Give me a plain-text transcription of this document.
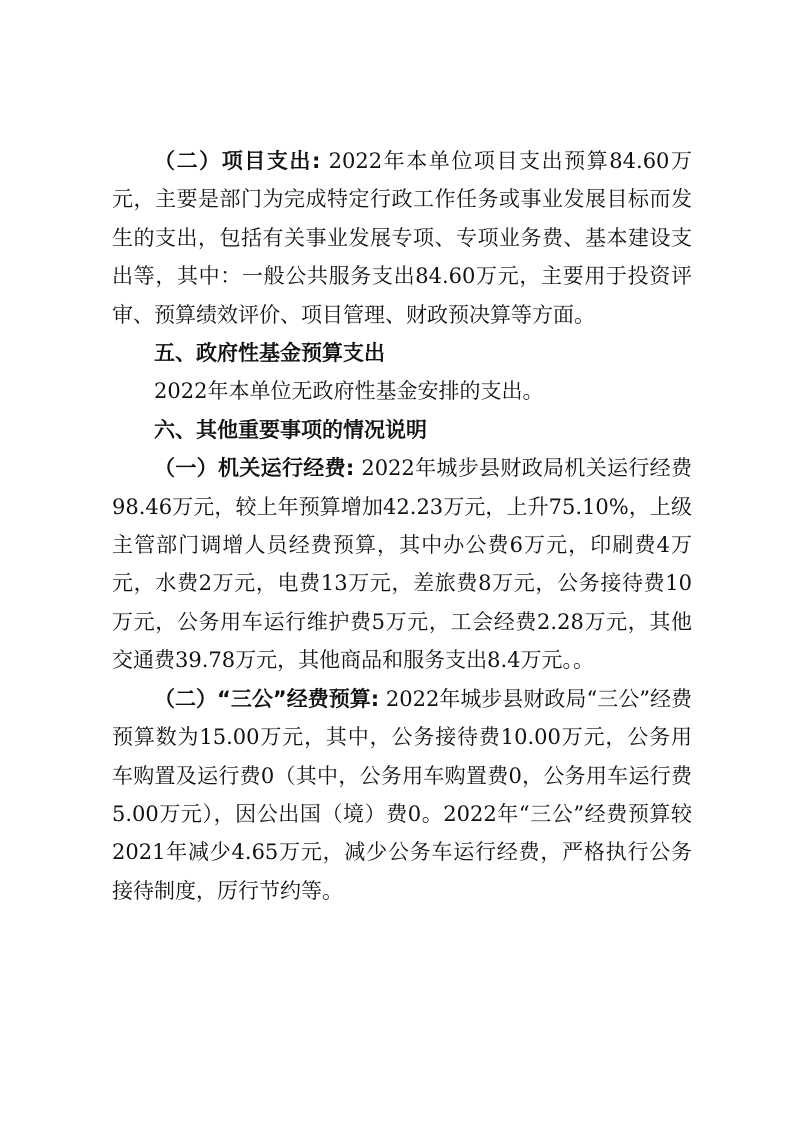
（二）项目支出: 2022年本单位项目支出预算84.60万元，主要是部门为完成特定行政工作任务或事业发展目标而发生的支出，包括有关事业发展专项、专项业务费、基本建设支出等，其中：一般公共服务支出84.60万元，主要用于投资评审、预算绩效评价、项目管理、财政预决算等方面。

五、政府性基金预算支出

2022年本单位无政府性基金安排的支出。

六、其他重要事项的情况说明

（一）机关运行经费: 2022年城步县财政局机关运行经费98.46万元，较上年预算增加42.23万元，上升75.10%，上级主管部门调增人员经费预算，其中办公费6万元，印刷费4万元，水费2万元，电费13万元，差旅费8万元，公务接待费10万元，公务用车运行维护费5万元，工会经费2.28万元，其他交通费39.78万元，其他商品和服务支出8.4万元。。

（二）“三公”经费预算: 2022年城步县财政局“三公”经费预算数为15.00万元，其中，公务接待费10.00万元，公务用车购置及运行费0（其中，公务用车购置费0，公务用车运行费5.00万元），因公出国（境）费0。2022年“三公”经费预算较2021年减少4.65万元，减少公务车运行经费，严格执行公务接待制度，厉行节约等。
